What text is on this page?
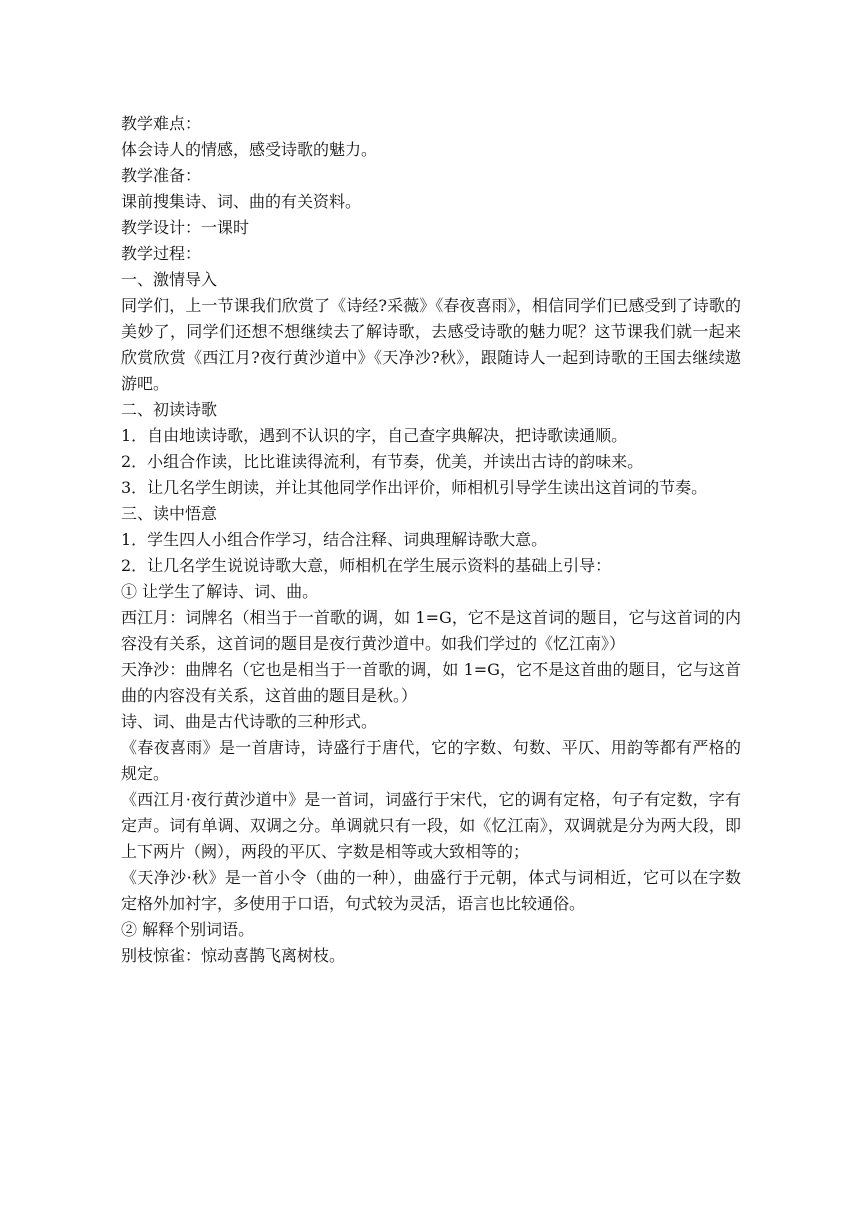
教学难点：

体会诗人的情感，感受诗歌的魅力。

教学准备：

课前搜集诗、词、曲的有关资料。

教学设计：一课时

教学过程：

一、激情导入

同学们，上一节课我们欣赏了《诗经?采薇》《春夜喜雨》，相信同学们已感受到了诗歌的美妙了，同学们还想不想继续去了解诗歌，去感受诗歌的魅力呢？这节课我们就一起来欣赏欣赏《西江月?夜行黄沙道中》《天净沙?秋》，跟随诗人一起到诗歌的王国去继续遨游吧。

二、初读诗歌

1．自由地读诗歌，遇到不认识的字，自己查字典解决，把诗歌读通顺。

2．小组合作读，比比谁读得流利，有节奏，优美，并读出古诗的韵味来。

3．让几名学生朗读，并让其他同学作出评价，师相机引导学生读出这首词的节奏。

三、读中悟意

1．学生四人小组合作学习，结合注释、词典理解诗歌大意。

2．让几名学生说说诗歌大意，师相机在学生展示资料的基础上引导：

① 让学生了解诗、词、曲。

西江月：词牌名（相当于一首歌的调，如 1=G，它不是这首词的题目，它与这首词的内容没有关系，这首词的题目是夜行黄沙道中。如我们学过的《忆江南》）

天净沙：曲牌名（它也是相当于一首歌的调，如 1=G，它不是这首曲的题目，它与这首曲的内容没有关系，这首曲的题目是秋。）

诗、词、曲是古代诗歌的三种形式。

《春夜喜雨》是一首唐诗，诗盛行于唐代，它的字数、句数、平仄、用韵等都有严格的规定。

《西江月·夜行黄沙道中》是一首词，词盛行于宋代，它的调有定格，句子有定数，字有定声。词有单调、双调之分。单调就只有一段，如《忆江南》，双调就是分为两大段，即上下两片（阙），两段的平仄、字数是相等或大致相等的；

《天净沙·秋》是一首小令（曲的一种），曲盛行于元朝，体式与词相近，它可以在字数定格外加衬字，多使用于口语，句式较为灵活，语言也比较通俗。

② 解释个别词语。

别枝惊雀：惊动喜鹊飞离树枝。
